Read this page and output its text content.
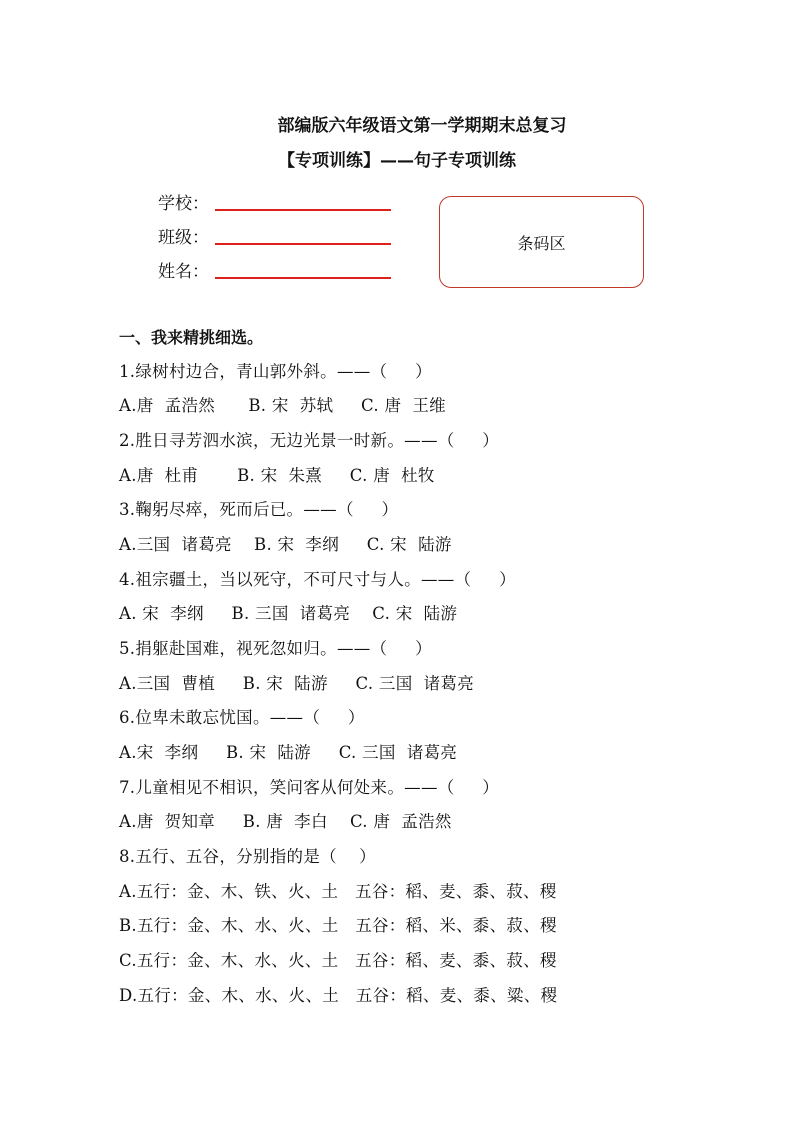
部编版六年级语文第一学期期末总复习
【专项训练】——句子专项训练
学校：
班级：
姓名：
条码区
一、我来精挑细选。
1.绿树村边合，青山郭外斜。——（     ）
A.唐  孟浩然      B. 宋  苏轼     C. 唐  王维
2.胜日寻芳泗水滨，无边光景一时新。——（     ）
A.唐  杜甫       B. 宋  朱熹     C. 唐  杜牧
3.鞠躬尽瘁，死而后已。——（     ）
A.三国  诸葛亮    B. 宋  李纲     C. 宋  陆游
4.祖宗疆土，当以死守，不可尺寸与人。——（     ）
A. 宋  李纲     B. 三国  诸葛亮    C. 宋  陆游
5.捐躯赴国难，视死忽如归。——（     ）
A.三国  曹植     B. 宋  陆游     C. 三国  诸葛亮
6.位卑未敢忘忧国。——（     ）
A.宋  李纲     B. 宋  陆游     C. 三国  诸葛亮
7.儿童相见不相识，笑问客从何处来。——（     ）
A.唐  贺知章     B. 唐  李白    C. 唐  孟浩然
8.五行、五谷，分别指的是（    ）
A.五行：金、木、铁、火、土   五谷：稻、麦、黍、菽、稷
B.五行：金、木、水、火、土   五谷：稻、米、黍、菽、稷
C.五行：金、木、水、火、土   五谷：稻、麦、黍、菽、稷
D.五行：金、木、水、火、土   五谷：稻、麦、黍、粱、稷
